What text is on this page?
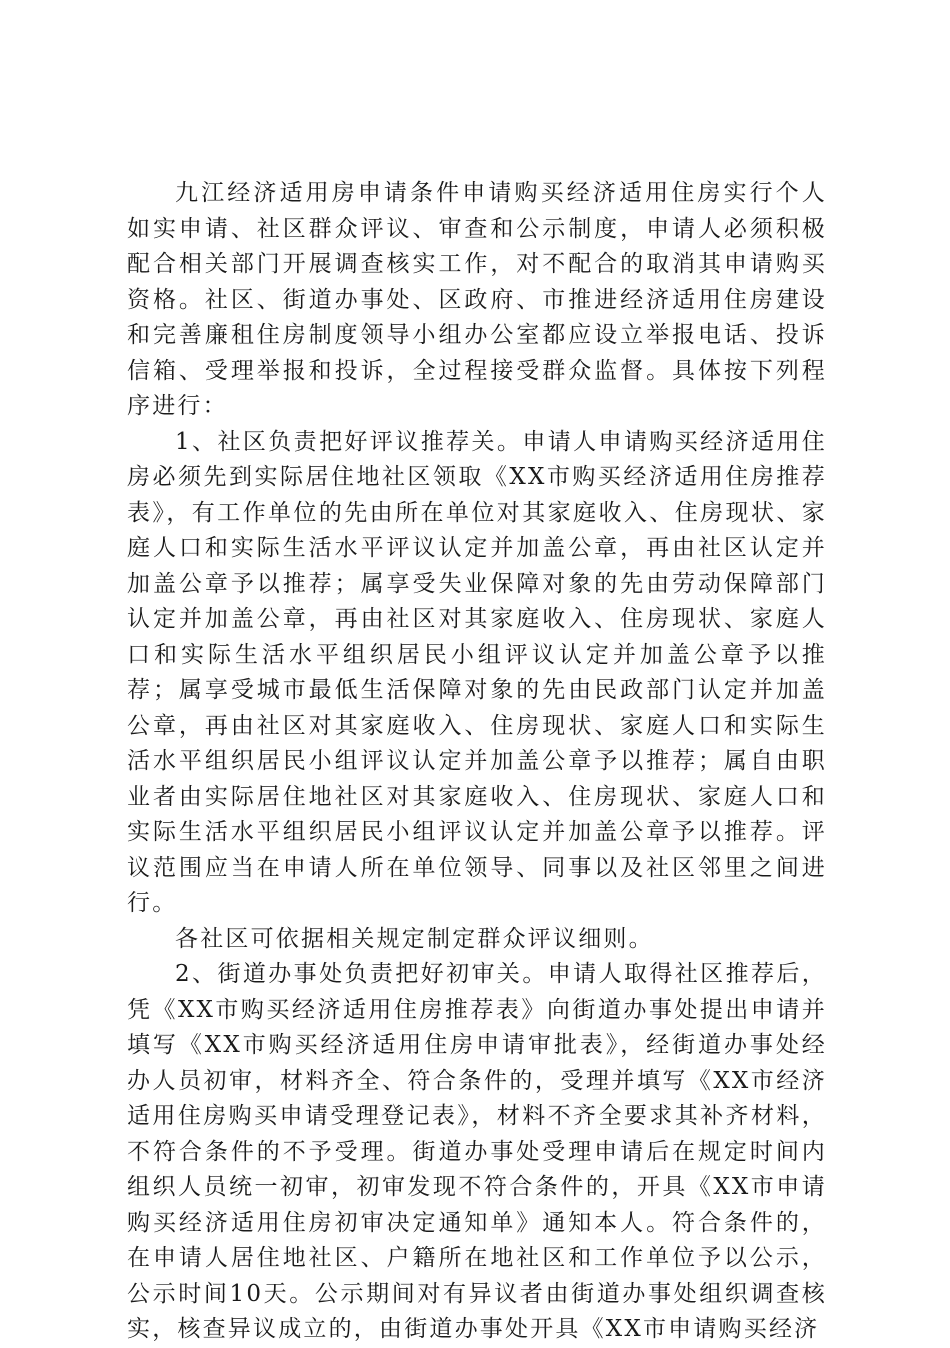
九江经济适用房申请条件申请购买经济适用住房实行个人如实申请、社区群众评议、审查和公示制度，申请人必须积极配合相关部门开展调查核实工作，对不配合的取消其申请购买资格。社区、街道办事处、区政府、市推进经济适用住房建设和完善廉租住房制度领导小组办公室都应设立举报电话、投诉信箱、受理举报和投诉，全过程接受群众监督。具体按下列程序进行：

1、社区负责把好评议推荐关。申请人申请购买经济适用住房必须先到实际居住地社区领取《XX市购买经济适用住房推荐表》，有工作单位的先由所在单位对其家庭收入、住房现状、家庭人口和实际生活水平评议认定并加盖公章，再由社区认定并加盖公章予以推荐；属享受失业保障对象的先由劳动保障部门认定并加盖公章，再由社区对其家庭收入、住房现状、家庭人口和实际生活水平组织居民小组评议认定并加盖公章予以推荐；属享受城市最低生活保障对象的先由民政部门认定并加盖公章，再由社区对其家庭收入、住房现状、家庭人口和实际生活水平组织居民小组评议认定并加盖公章予以推荐；属自由职业者由实际居住地社区对其家庭收入、住房现状、家庭人口和实际生活水平组织居民小组评议认定并加盖公章予以推荐。评议范围应当在申请人所在单位领导、同事以及社区邻里之间进行。

各社区可依据相关规定制定群众评议细则。

2、街道办事处负责把好初审关。申请人取得社区推荐后，凭《XX市购买经济适用住房推荐表》向街道办事处提出申请并填写《XX市购买经济适用住房申请审批表》，经街道办事处经办人员初审，材料齐全、符合条件的，受理并填写《XX市经济适用住房购买申请受理登记表》，材料不齐全要求其补齐材料，不符合条件的不予受理。街道办事处受理申请后在规定时间内组织人员统一初审，初审发现不符合条件的，开具《XX市申请购买经济适用住房初审决定通知单》通知本人。符合条件的，在申请人居住地社区、户籍所在地社区和工作单位予以公示，公示时间10天。公示期间对有异议者由街道办事处组织调查核实，核查异议成立的，由街道办事处开具《XX市申请购买经济
